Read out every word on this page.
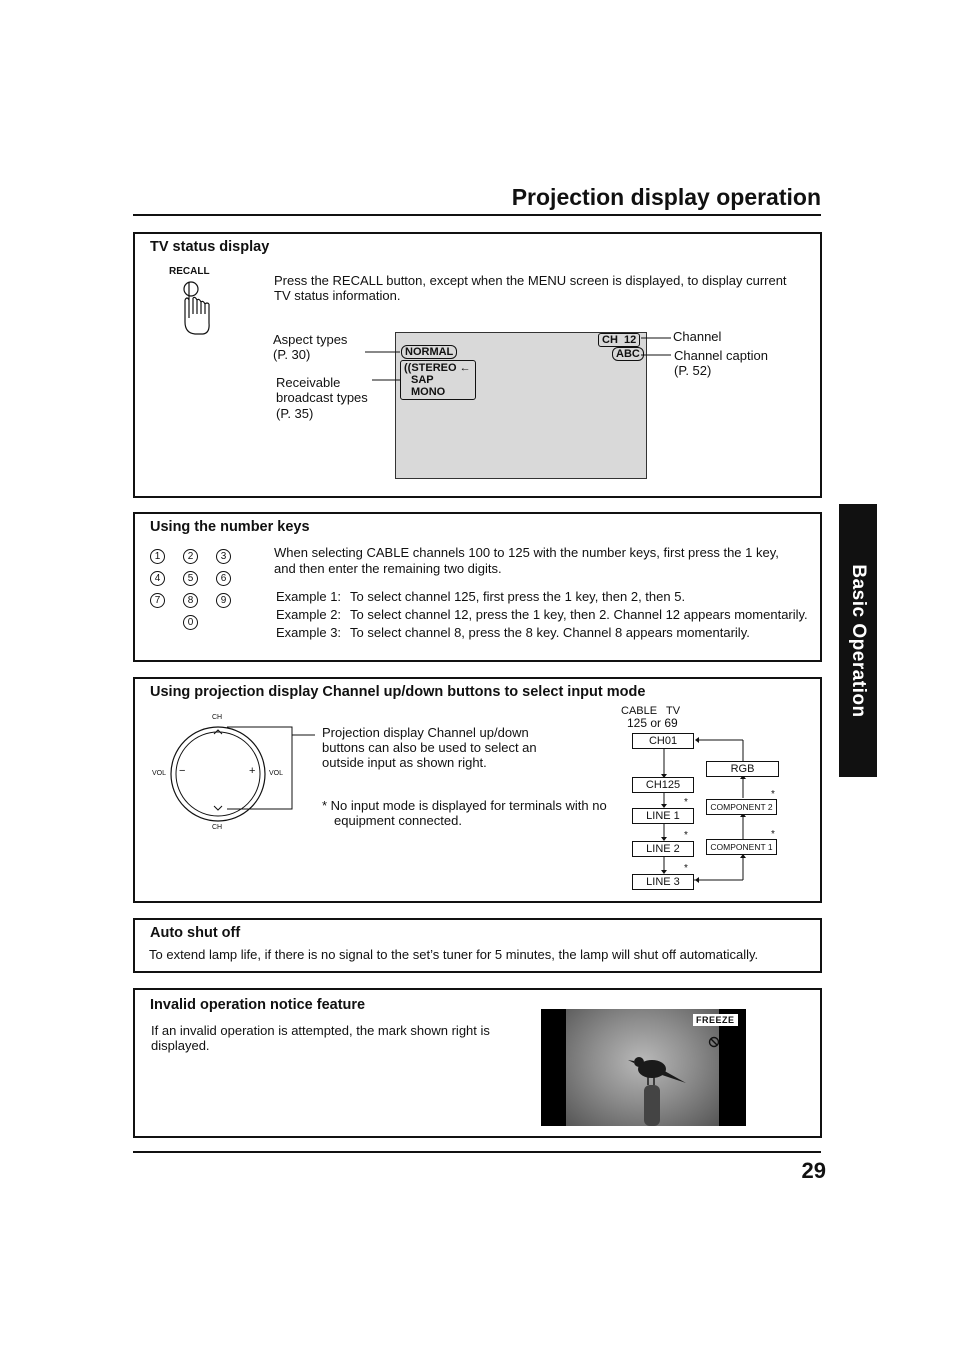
Projection display operation
Basic Operation
TV status display
RECALL
Press the RECALL button, except when the MENU screen is displayed, to display current TV status information.
Aspect types
(P. 30)
Receivable
broadcast types
(P. 35)
NORMAL
((STEREO ←
SAP
MONO
CH  12
ABC
Channel
Channel caption
(P. 52)
Using the number keys
1	2	3
4	5	6
7	8	9
0
When selecting CABLE channels 100 to 125 with the number keys, first press the 1 key, and then enter the remaining two digits.
Example 1: To select channel 125, first press the 1 key, then 2, then 5.
Example 2: To select channel 12, press the 1 key, then 2. Channel 12 appears momentarily.
Example 3: To select channel 8, press the 8 key. Channel 8 appears momentarily.
Using projection display Channel up/down buttons to select input mode
CH
CH
VOL	VOL
−	+
Projection display Channel up/down buttons can also be used to select an outside input as shown right.
* No input mode is displayed for terminals with no equipment connected.
CABLE   TV
125 or 69
CH01
CH125
LINE 1
LINE 2
LINE 3
RGB
COMPONENT 2
COMPONENT 1
*
*
*
*
*
Auto shut off
To extend lamp life, if there is no signal to the set’s tuner for 5 minutes, the lamp will shut off automatically.
Invalid operation notice feature
If an invalid operation is attempted, the mark shown right is displayed.
FREEZE
29
